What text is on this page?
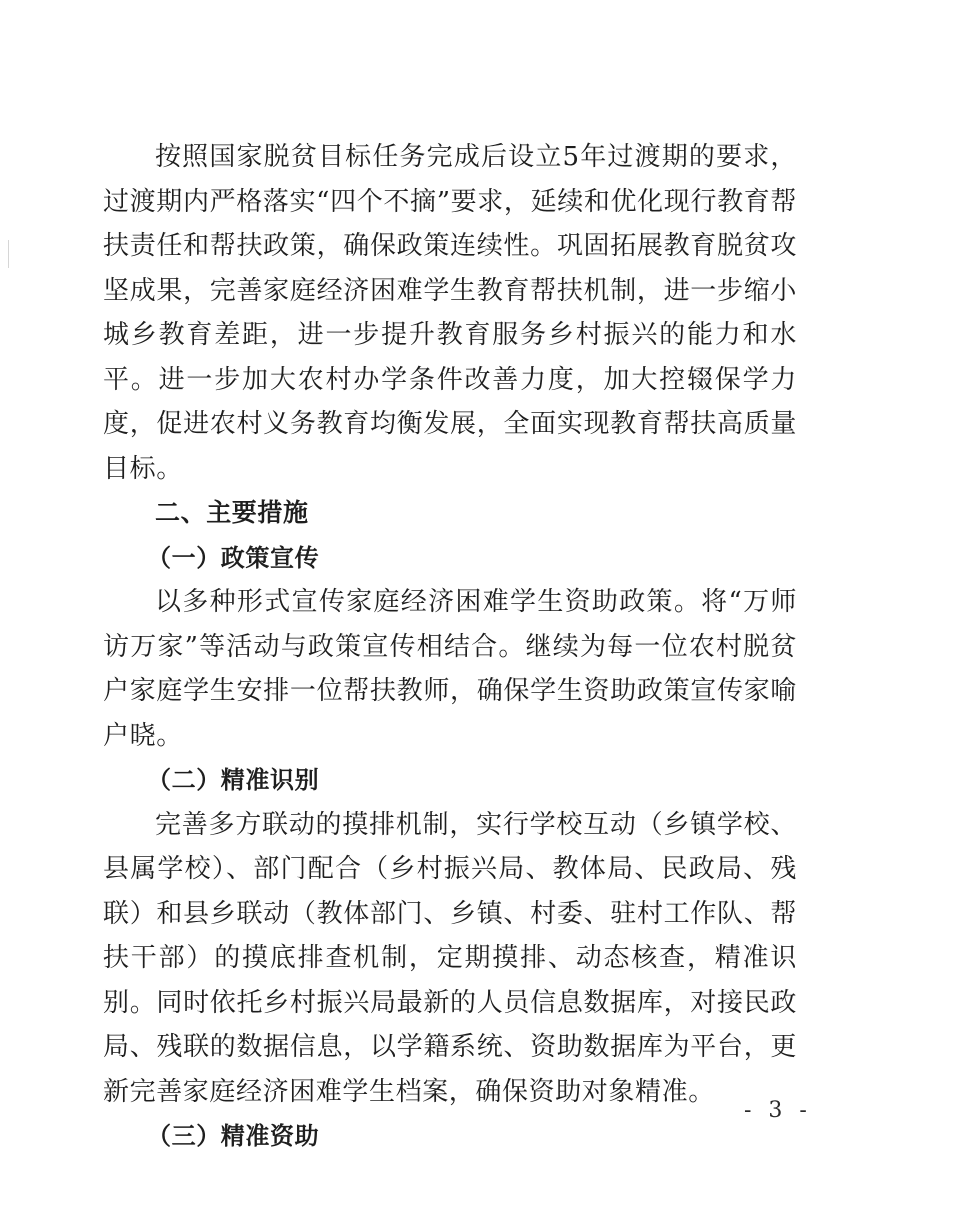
按照国家脱贫目标任务完成后设立5年过渡期的要求，过渡期内严格落实“四个不摘”要求，延续和优化现行教育帮扶责任和帮扶政策，确保政策连续性。巩固拓展教育脱贫攻坚成果，完善家庭经济困难学生教育帮扶机制，进一步缩小城乡教育差距，进一步提升教育服务乡村振兴的能力和水平。进一步加大农村办学条件改善力度，加大控辍保学力度，促进农村义务教育均衡发展，全面实现教育帮扶高质量目标。

二、主要措施

（一）政策宣传

以多种形式宣传家庭经济困难学生资助政策。将“万师访万家”等活动与政策宣传相结合。继续为每一位农村脱贫户家庭学生安排一位帮扶教师，确保学生资助政策宣传家喻户晓。

（二）精准识别

完善多方联动的摸排机制，实行学校互动（乡镇学校、县属学校）、部门配合（乡村振兴局、教体局、民政局、残联）和县乡联动（教体部门、乡镇、村委、驻村工作队、帮扶干部）的摸底排查机制，定期摸排、动态核查，精准识别。同时依托乡村振兴局最新的人员信息数据库，对接民政局、残联的数据信息，以学籍系统、资助数据库为平台，更新完善家庭经济困难学生档案，确保资助对象精准。

（三）精准资助

- 3 -
